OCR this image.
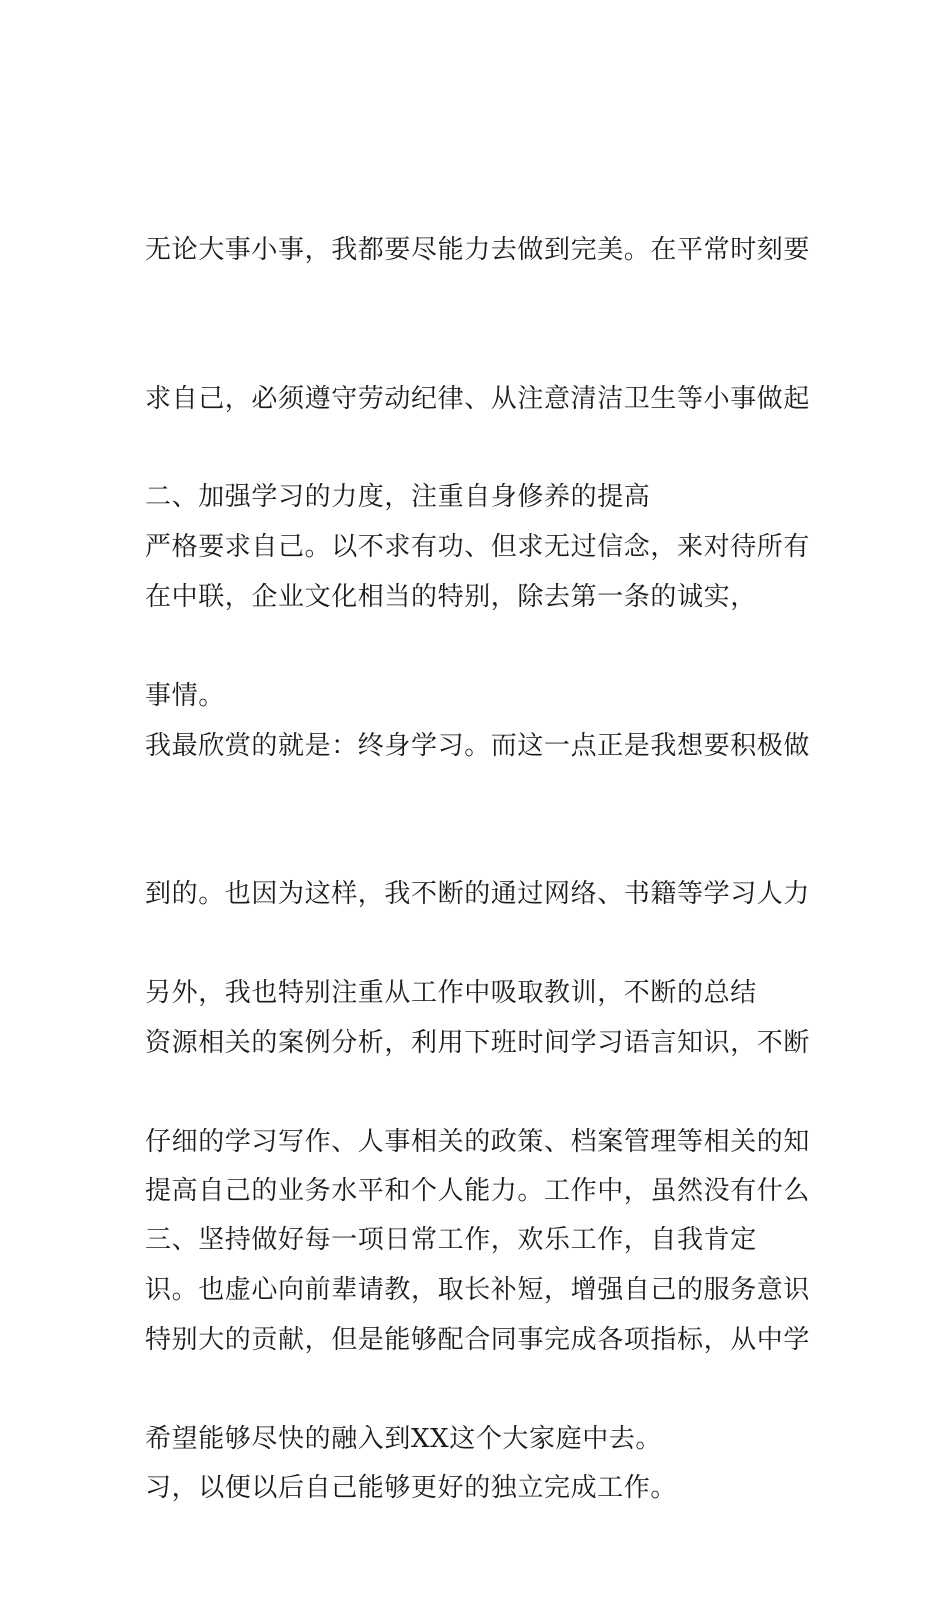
无论大事小事，我都要尽能力去做到完美。在平常时刻要

求自己，必须遵守劳动纪律、从注意清洁卫生等小事做起

严格要求自己。以不求有功、但求无过信念，来对待所有

事情。

二、加强学习的力度，注重自身修养的提高

在中联，企业文化相当的特别，除去第一条的诚实，

我最欣赏的就是：终身学习。而这一点正是我想要积极做

到的。也因为这样，我不断的通过网络、书籍等学习人力

资源相关的案例分析，利用下班时间学习语言知识，不断

提高自己的业务水平和个人能力。工作中，虽然没有什么

特别大的贡献，但是能够配合同事完成各项指标，从中学

习，以便以后自己能够更好的独立完成工作。

另外，我也特别注重从工作中吸取教训，不断的总结

仔细的学习写作、人事相关的政策、档案管理等相关的知

识。也虚心向前辈请教，取长补短，增强自己的服务意识

希望能够尽快的融入到XX这个大家庭中去。

三、坚持做好每一项日常工作，欢乐工作，自我肯定
